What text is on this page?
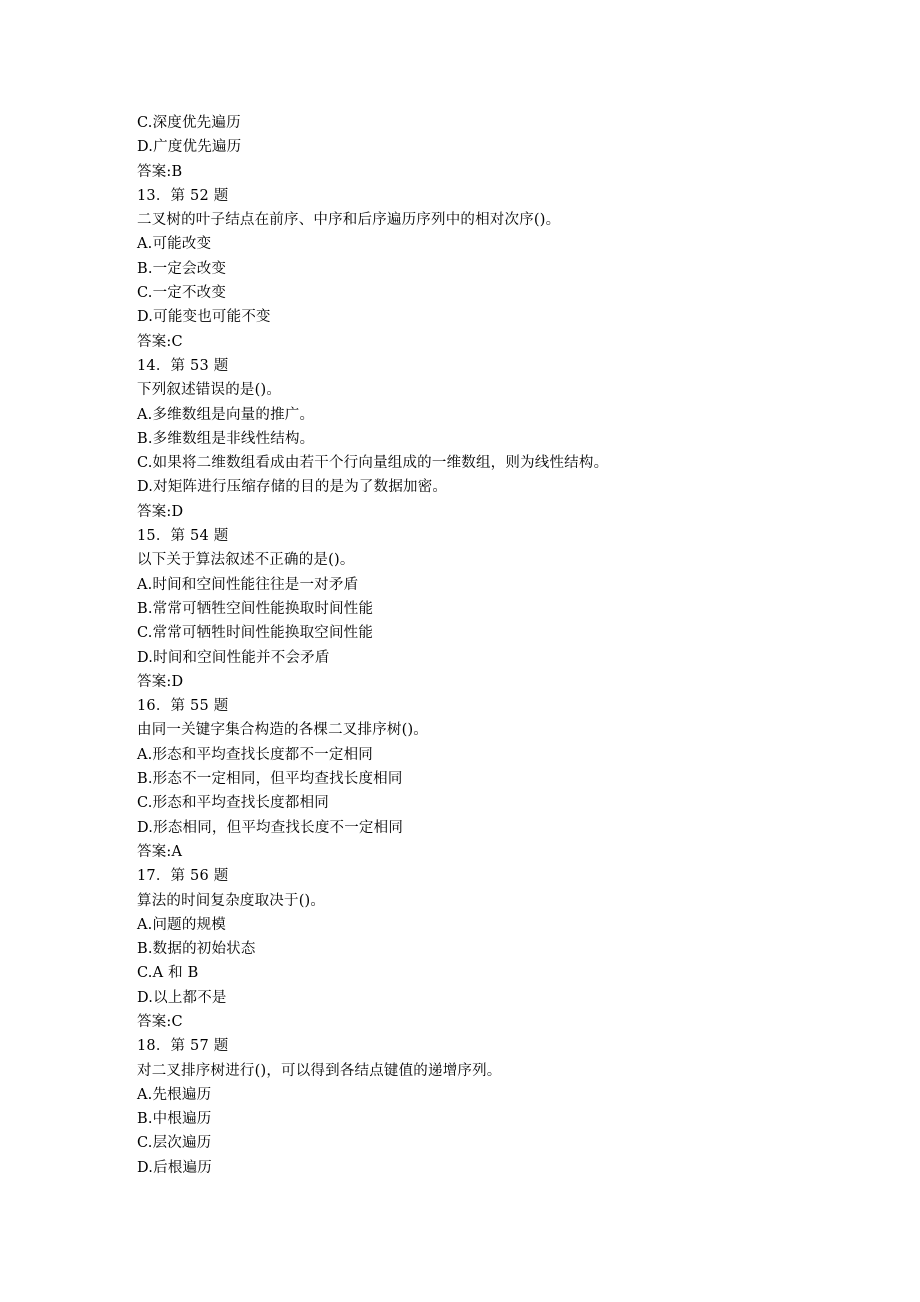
C.深度优先遍历
D.广度优先遍历
答案:B
13．第 52 题
二叉树的叶子结点在前序、中序和后序遍历序列中的相对次序()。
A.可能改变
B.一定会改变
C.一定不改变
D.可能变也可能不变
答案:C
14．第 53 题
下列叙述错误的是()。
A.多维数组是向量的推广。
B.多维数组是非线性结构。
C.如果将二维数组看成由若干个行向量组成的一维数组，则为线性结构。
D.对矩阵进行压缩存储的目的是为了数据加密。
答案:D
15．第 54 题
以下关于算法叙述不正确的是()。
A.时间和空间性能往往是一对矛盾
B.常常可牺牲空间性能换取时间性能
C.常常可牺牲时间性能换取空间性能
D.时间和空间性能并不会矛盾
答案:D
16．第 55 题
由同一关键字集合构造的各棵二叉排序树()。
A.形态和平均查找长度都不一定相同
B.形态不一定相同，但平均查找长度相同
C.形态和平均查找长度都相同
D.形态相同，但平均查找长度不一定相同
答案:A
17．第 56 题
算法的时间复杂度取决于()。
A.问题的规模
B.数据的初始状态
C.A 和 B
D.以上都不是
答案:C
18．第 57 题
对二叉排序树进行()，可以得到各结点键值的递增序列。
A.先根遍历
B.中根遍历
C.层次遍历
D.后根遍历
